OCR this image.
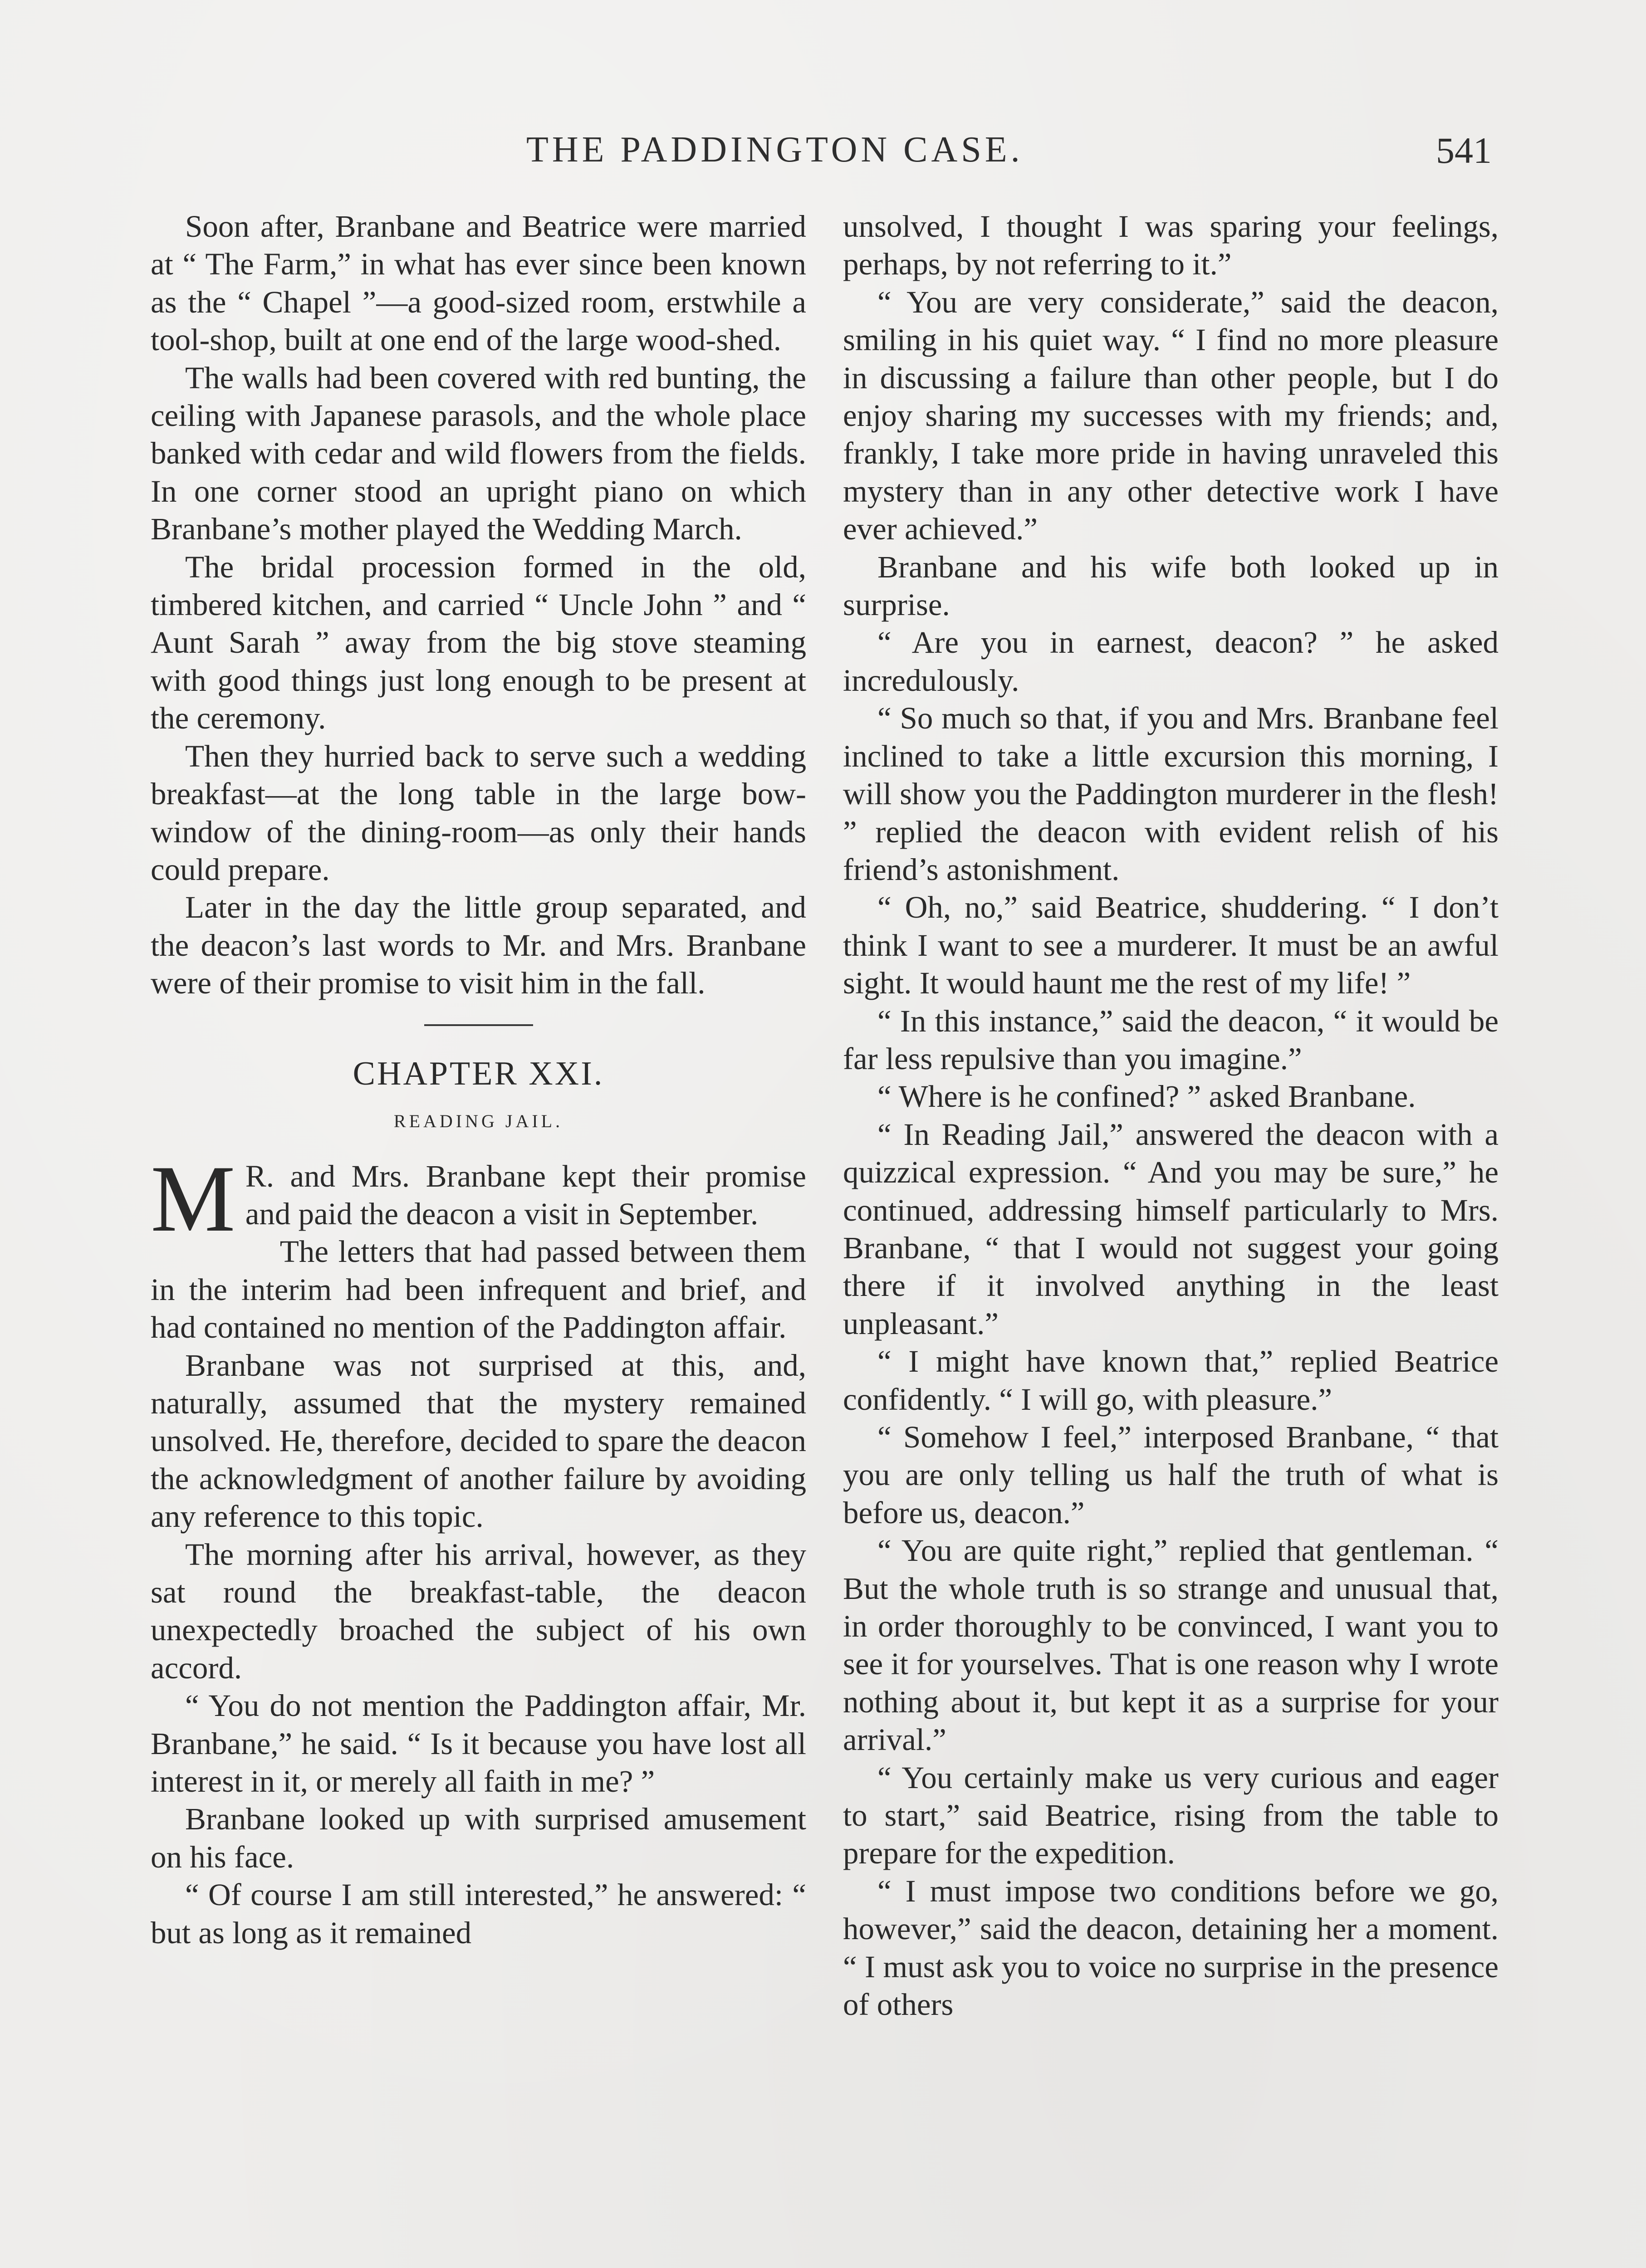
THE PADDINGTON CASE.	541

Soon after, Branbane and Beatrice were married at “ The Farm,” in what has ever since been known as the “ Chapel ”—a good-sized room, erstwhile a tool-shop, built at one end of the large wood-shed.

The walls had been covered with red bunting, the ceiling with Japanese parasols, and the whole place banked with cedar and wild flowers from the fields. In one corner stood an upright piano on which Branbane’s mother played the Wedding March.

The bridal procession formed in the old, timbered kitchen, and carried “ Uncle John ” and “ Aunt Sarah ” away from the big stove steaming with good things just long enough to be present at the ceremony.

Then they hurried back to serve such a wedding breakfast—at the long table in the large bow-window of the dining-room—as only their hands could prepare.

Later in the day the little group separated, and the deacon’s last words to Mr. and Mrs. Branbane were of their promise to visit him in the fall.

CHAPTER XXI.
READING JAIL.

M R. and Mrs. Branbane kept their promise and paid the deacon a visit in September.

The letters that had passed between them in the interim had been infrequent and brief, and had contained no mention of the Paddington affair.

Branbane was not surprised at this, and, naturally, assumed that the mystery remained unsolved. He, therefore, decided to spare the deacon the acknowledgment of another failure by avoiding any reference to this topic.

The morning after his arrival, however, as they sat round the breakfast-table, the deacon unexpectedly broached the subject of his own accord.

“ You do not mention the Paddington affair, Mr. Branbane,” he said. “ Is it because you have lost all interest in it, or merely all faith in me? ”

Branbane looked up with surprised amusement on his face.

“ Of course I am still interested,” he answered: “ but as long as it remained

unsolved, I thought I was sparing your feelings, perhaps, by not referring to it.”

“ You are very considerate,” said the deacon, smiling in his quiet way. “ I find no more pleasure in discussing a failure than other people, but I do enjoy sharing my successes with my friends; and, frankly, I take more pride in having unraveled this mystery than in any other detective work I have ever achieved.”

Branbane and his wife both looked up in surprise.

“ Are you in earnest, deacon? ” he asked incredulously.

“ So much so that, if you and Mrs. Branbane feel inclined to take a little excursion this morning, I will show you the Paddington murderer in the flesh! ” replied the deacon with evident relish of his friend’s astonishment.

“ Oh, no,” said Beatrice, shuddering. “ I don’t think I want to see a murderer. It must be an awful sight. It would haunt me the rest of my life! ”

“ In this instance,” said the deacon, “ it would be far less repulsive than you imagine.”

“ Where is he confined? ” asked Branbane.

“ In Reading Jail,” answered the deacon with a quizzical expression. “ And you may be sure,” he continued, addressing himself particularly to Mrs. Branbane, “ that I would not suggest your going there if it involved anything in the least unpleasant.”

“ I might have known that,” replied Beatrice confidently. “ I will go, with pleasure.”

“ Somehow I feel,” interposed Branbane, “ that you are only telling us half the truth of what is before us, deacon.”

“ You are quite right,” replied that gentleman. “ But the whole truth is so strange and unusual that, in order thoroughly to be convinced, I want you to see it for yourselves. That is one reason why I wrote nothing about it, but kept it as a surprise for your arrival.”

“ You certainly make us very curious and eager to start,” said Beatrice, rising from the table to prepare for the expedition.

“ I must impose two conditions before we go, however,” said the deacon, detaining her a moment. “ I must ask you to voice no surprise in the presence of others
